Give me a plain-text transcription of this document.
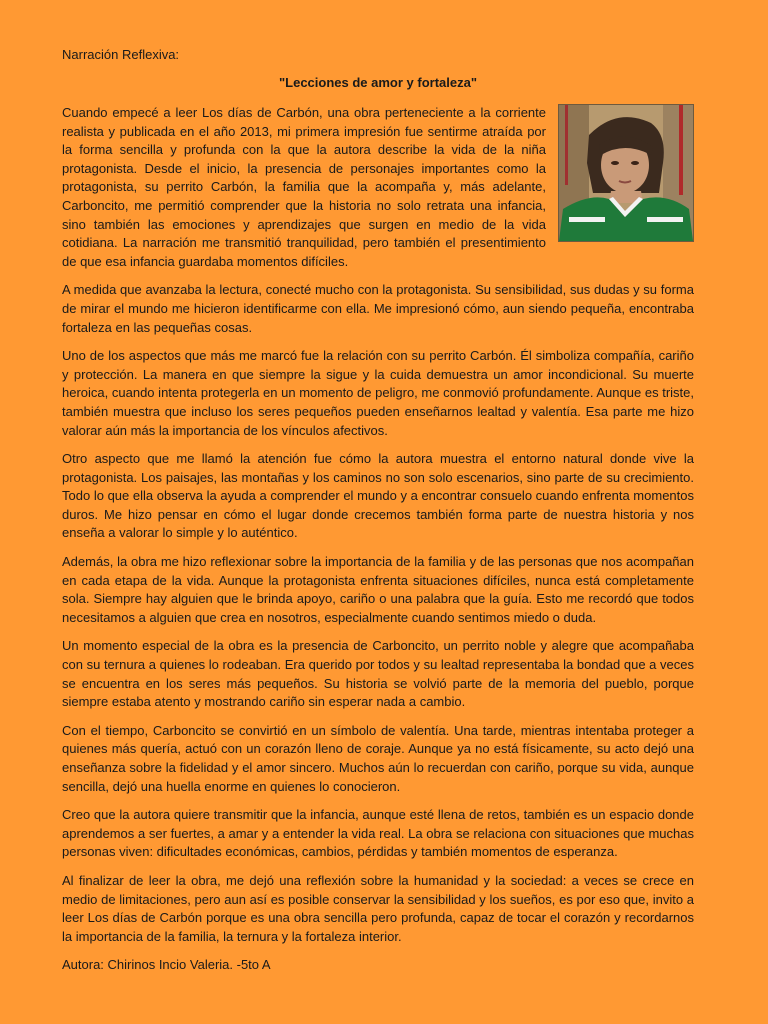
Narración Reflexiva:

"Lecciones de amor y fortaleza"

Cuando empecé a leer Los días de Carbón, una obra perteneciente a la corriente realista y publicada en el año 2013, mi primera impresión fue sentirme atraída por la forma sencilla y profunda con la que la autora describe la vida de la niña protagonista. Desde el inicio, la presencia de personajes importantes como la protagonista, su perrito Carbón, la familia que la acompaña y, más adelante, Carboncito, me permitió comprender que la historia no solo retrata una infancia, sino también las emociones y aprendizajes que surgen en medio de la vida cotidiana. La narración me transmitió tranquilidad, pero también el presentimiento de que esa infancia guardaba momentos difíciles.

A medida que avanzaba la lectura, conecté mucho con la protagonista. Su sensibilidad, sus dudas y su forma de mirar el mundo me hicieron identificarme con ella. Me impresionó cómo, aun siendo pequeña, encontraba fortaleza en las pequeñas cosas.

Uno de los aspectos que más me marcó fue la relación con su perrito Carbón. Él simboliza compañía, cariño y protección. La manera en que siempre la sigue y la cuida demuestra un amor incondicional. Su muerte heroica, cuando intenta protegerla en un momento de peligro, me conmovió profundamente. Aunque es triste, también muestra que incluso los seres pequeños pueden enseñarnos lealtad y valentía. Esa parte me hizo valorar aún más la importancia de los vínculos afectivos.

Otro aspecto que me llamó la atención fue cómo la autora muestra el entorno natural donde vive la protagonista. Los paisajes, las montañas y los caminos no son solo escenarios, sino parte de su crecimiento. Todo lo que ella observa la ayuda a comprender el mundo y a encontrar consuelo cuando enfrenta momentos duros. Me hizo pensar en cómo el lugar donde crecemos también forma parte de nuestra historia y nos enseña a valorar lo simple y lo auténtico.

Además, la obra me hizo reflexionar sobre la importancia de la familia y de las personas que nos acompañan en cada etapa de la vida. Aunque la protagonista enfrenta situaciones difíciles, nunca está completamente sola. Siempre hay alguien que le brinda apoyo, cariño o una palabra que la guía. Esto me recordó que todos necesitamos a alguien que crea en nosotros, especialmente cuando sentimos miedo o duda.

Un momento especial de la obra es la presencia de Carboncito, un perrito noble y alegre que acompañaba con su ternura a quienes lo rodeaban. Era querido por todos y su lealtad representaba la bondad que a veces se encuentra en los seres más pequeños. Su historia se volvió parte de la memoria del pueblo, porque siempre estaba atento y mostrando cariño sin esperar nada a cambio.

Con el tiempo, Carboncito se convirtió en un símbolo de valentía. Una tarde, mientras intentaba proteger a quienes más quería, actuó con un corazón lleno de coraje. Aunque ya no está físicamente, su acto dejó una enseñanza sobre la fidelidad y el amor sincero. Muchos aún lo recuerdan con cariño, porque su vida, aunque sencilla, dejó una huella enorme en quienes lo conocieron.

Creo que la autora quiere transmitir que la infancia, aunque esté llena de retos, también es un espacio donde aprendemos a ser fuertes, a amar y a entender la vida real. La obra se relaciona con situaciones que muchas personas viven: dificultades económicas, cambios, pérdidas y también momentos de esperanza.

Al finalizar de leer la obra, me dejó una reflexión sobre la humanidad y la sociedad: a veces se crece en medio de limitaciones, pero aun así es posible conservar la sensibilidad y los sueños, es por eso que, invito a leer Los días de Carbón porque es una obra sencilla pero profunda, capaz de tocar el corazón y recordarnos la importancia de la familia, la ternura y la fortaleza interior.

Autora: Chirinos Incio Valeria. -5to A
